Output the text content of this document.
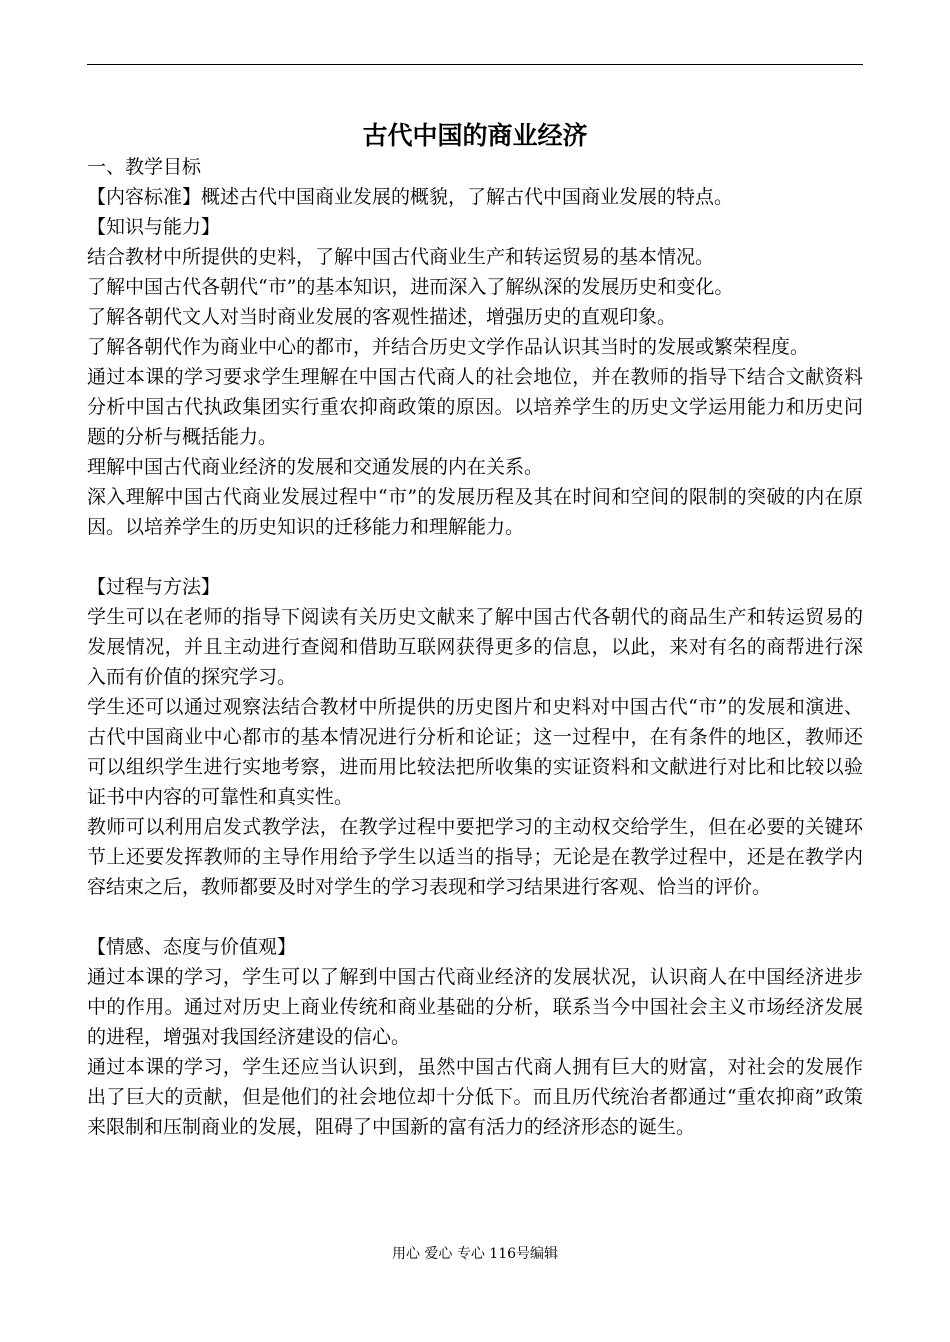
古代中国的商业经济

一、教学目标

【内容标准】概述古代中国商业发展的概貌，了解古代中国商业发展的特点。

【知识与能力】

结合教材中所提供的史料，了解中国古代商业生产和转运贸易的基本情况。

了解中国古代各朝代“市”的基本知识，进而深入了解纵深的发展历史和变化。

了解各朝代文人对当时商业发展的客观性描述，增强历史的直观印象。

了解各朝代作为商业中心的都市，并结合历史文学作品认识其当时的发展或繁荣程度。

通过本课的学习要求学生理解在中国古代商人的社会地位，并在教师的指导下结合文献资料分析中国古代执政集团实行重农抑商政策的原因。以培养学生的历史文学运用能力和历史问题的分析与概括能力。

理解中国古代商业经济的发展和交通发展的内在关系。

深入理解中国古代商业发展过程中“市”的发展历程及其在时间和空间的限制的突破的内在原因。以培养学生的历史知识的迁移能力和理解能力。

【过程与方法】

学生可以在老师的指导下阅读有关历史文献来了解中国古代各朝代的商品生产和转运贸易的发展情况，并且主动进行查阅和借助互联网获得更多的信息，以此，来对有名的商帮进行深入而有价值的探究学习。

学生还可以通过观察法结合教材中所提供的历史图片和史料对中国古代“市”的发展和演进、古代中国商业中心都市的基本情况进行分析和论证；这一过程中，在有条件的地区，教师还可以组织学生进行实地考察，进而用比较法把所收集的实证资料和文献进行对比和比较以验证书中内容的可靠性和真实性。

教师可以利用启发式教学法，在教学过程中要把学习的主动权交给学生，但在必要的关键环节上还要发挥教师的主导作用给予学生以适当的指导；无论是在教学过程中，还是在教学内容结束之后，教师都要及时对学生的学习表现和学习结果进行客观、恰当的评价。

【情感、态度与价值观】

通过本课的学习，学生可以了解到中国古代商业经济的发展状况，认识商人在中国经济进步中的作用。通过对历史上商业传统和商业基础的分析，联系当今中国社会主义市场经济发展的进程，增强对我国经济建设的信心。

通过本课的学习，学生还应当认识到，虽然中国古代商人拥有巨大的财富，对社会的发展作出了巨大的贡献，但是他们的社会地位却十分低下。而且历代统治者都通过“重农抑商”政策来限制和压制商业的发展，阻碍了中国新的富有活力的经济形态的诞生。

用心 爱心 专心 116号编辑
